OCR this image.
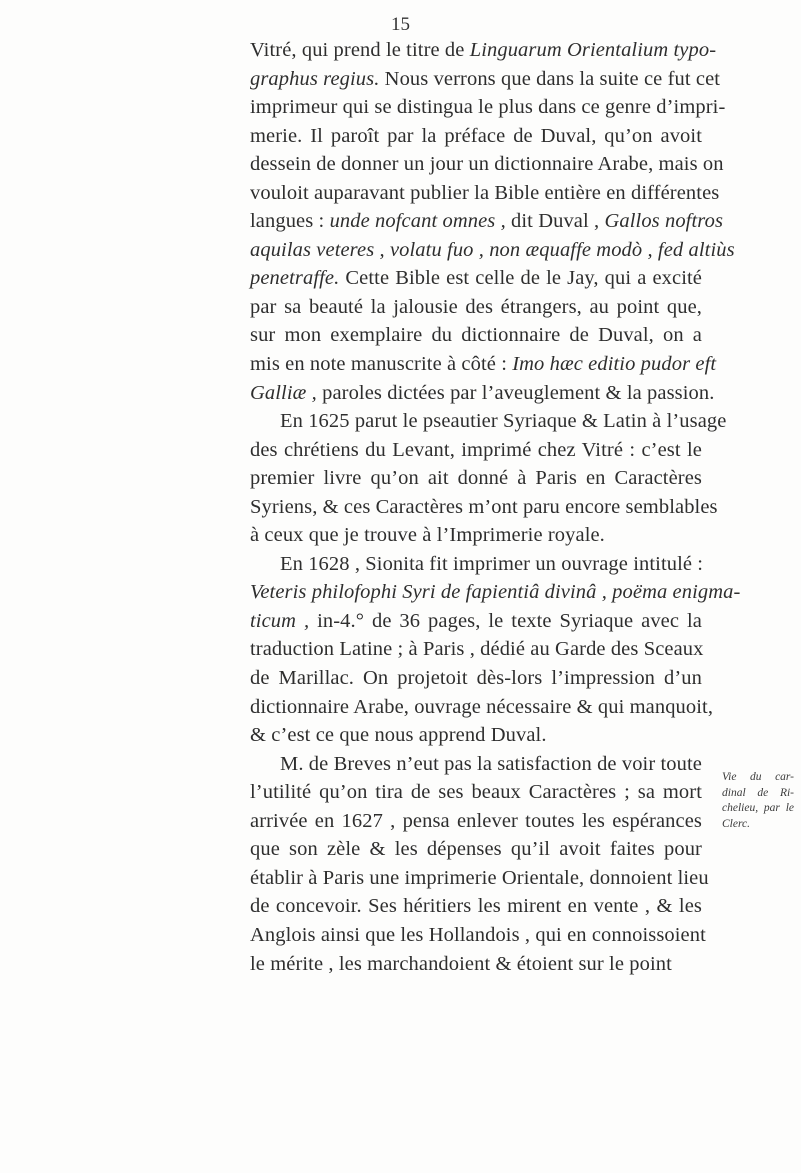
15
Vitré, qui prend le titre de Linguarum Orientalium typo-
graphus regius. Nous verrons que dans la suite ce fut cet
imprimeur qui se distingua le plus dans ce genre d’impri-
merie. Il paroît par la préface de Duval, qu’on avoit
dessein de donner un jour un dictionnaire Arabe, mais on
vouloit auparavant publier la Bible entière en différentes
langues : unde nofcant omnes , dit Duval , Gallos noftros
aquilas veteres , volatu fuo , non æquaffe modò , fed altiùs
penetraffe. Cette Bible est celle de le Jay, qui a excité
par sa beauté la jalousie des étrangers, au point que,
sur mon exemplaire du dictionnaire de Duval, on a
mis en note manuscrite à côté : Imo hæc editio pudor eft
Galliæ , paroles dictées par l’aveuglement & la passion.
En 1625 parut le pseautier Syriaque & Latin à l’usage
des chrétiens du Levant, imprimé chez Vitré : c’est le
premier livre qu’on ait donné à Paris en Caractères
Syriens, & ces Caractères m’ont paru encore semblables
à ceux que je trouve à l’Imprimerie royale.
En 1628 , Sionita fit imprimer un ouvrage intitulé :
Veteris philofophi Syri de fapientiâ divinâ , poëma enigma-
ticum , in-4.° de 36 pages, le texte Syriaque avec la
traduction Latine ; à Paris , dédié au Garde des Sceaux
de Marillac. On projetoit dès-lors l’impression d’un
dictionnaire Arabe, ouvrage nécessaire & qui manquoit,
& c’est ce que nous apprend Duval.
M. de Breves n’eut pas la satisfaction de voir toute
l’utilité qu’on tira de ses beaux Caractères ; sa mort
arrivée en 1627 , pensa enlever toutes les espérances
que son zèle & les dépenses qu’il avoit faites pour
établir à Paris une imprimerie Orientale, donnoient lieu
de concevoir. Ses héritiers les mirent en vente , & les
Anglois ainsi que les Hollandois , qui en connoissoient
le mérite , les marchandoient & étoient sur le point
Vie du car-
dinal de Ri-
chelieu, par le
Clerc.
